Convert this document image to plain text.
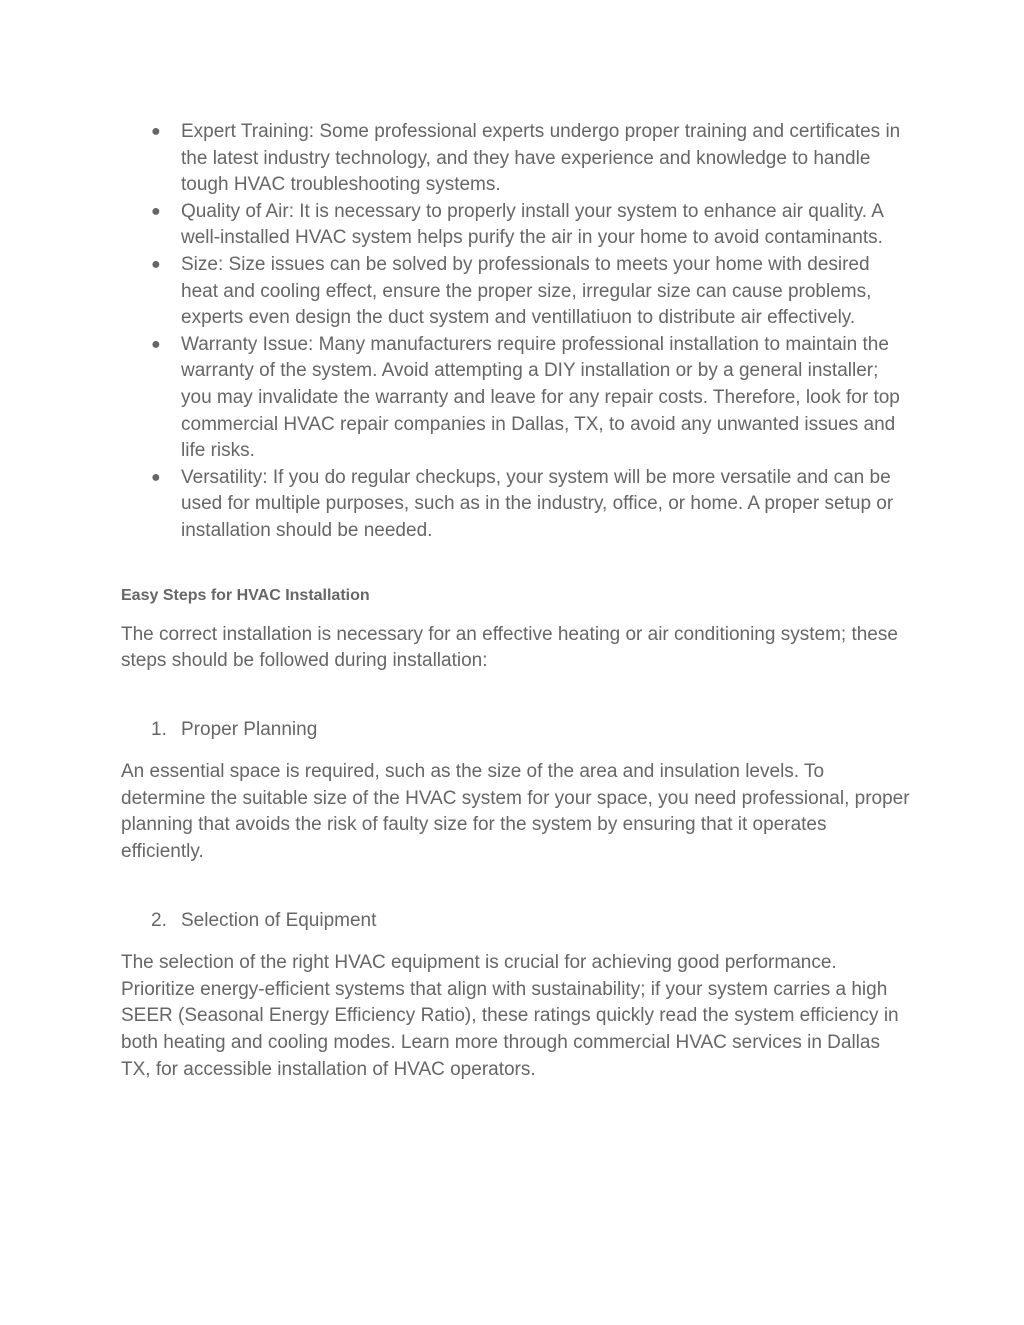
● Expert Training: Some professional experts undergo proper training and certificates in the latest industry technology, and they have experience and knowledge to handle tough HVAC troubleshooting systems.
● Quality of Air: It is necessary to properly install your system to enhance air quality. A well-installed HVAC system helps purify the air in your home to avoid contaminants.
● Size: Size issues can be solved by professionals to meets your home with desired heat and cooling effect, ensure the proper size, irregular size can cause problems, experts even design the duct system and ventillatiuon to distribute air effectively.
● Warranty Issue: Many manufacturers require professional installation to maintain the warranty of the system. Avoid attempting a DIY installation or by a general installer; you may invalidate the warranty and leave for any repair costs. Therefore, look for top commercial HVAC repair companies in Dallas, TX, to avoid any unwanted issues and life risks.
● Versatility: If you do regular checkups, your system will be more versatile and can be used for multiple purposes, such as in the industry, office, or home. A proper setup or installation should be needed.
Easy Steps for HVAC Installation

The correct installation is necessary for an effective heating or air conditioning system; these steps should be followed during installation:

1. Proper Planning

An essential space is required, such as the size of the area and insulation levels. To determine the suitable size of the HVAC system for your space, you need professional, proper planning that avoids the risk of faulty size for the system by ensuring that it operates efficiently.

2. Selection of Equipment

The selection of the right HVAC equipment is crucial for achieving good performance. Prioritize energy-efficient systems that align with sustainability; if your system carries a high SEER (Seasonal Energy Efficiency Ratio), these ratings quickly read the system efficiency in both heating and cooling modes. Learn more through commercial HVAC services in Dallas TX, for accessible installation of HVAC operators.
